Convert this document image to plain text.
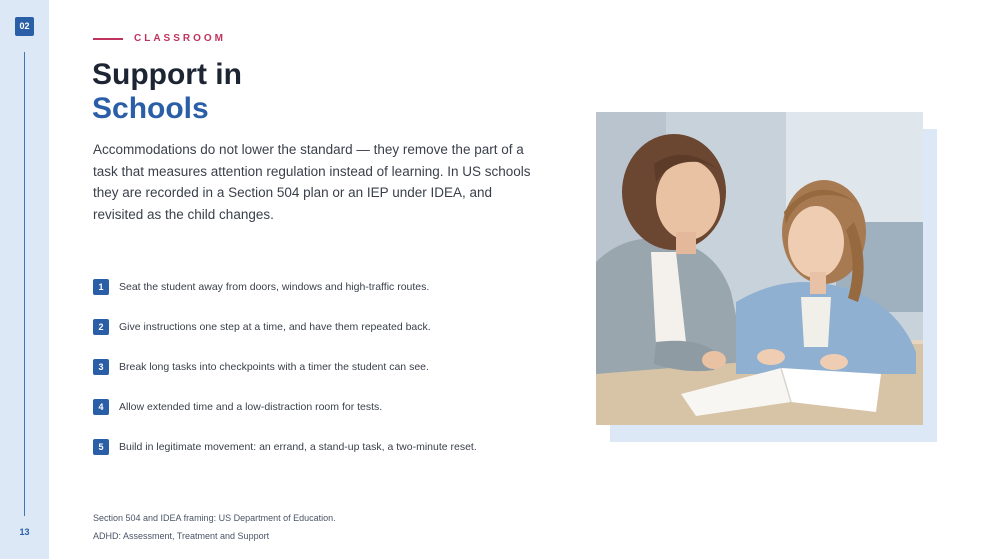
02
13
CLASSROOM
Support in
Schools

Accommodations do not lower the standard — they remove the part of a task that measures attention regulation instead of learning. In US schools they are recorded in a Section 504 plan or an IEP under IDEA, and revisited as the child changes.

1	Seat the student away from doors, windows and high-traffic routes.
2	Give instructions one step at a time, and have them repeated back.
3	Break long tasks into checkpoints with a timer the student can see.
4	Allow extended time and a low-distraction room for tests.
5	Build in legitimate movement: an errand, a stand-up task, a two-minute reset.
Section 504 and IDEA framing: US Department of Education.
ADHD: Assessment, Treatment and Support
